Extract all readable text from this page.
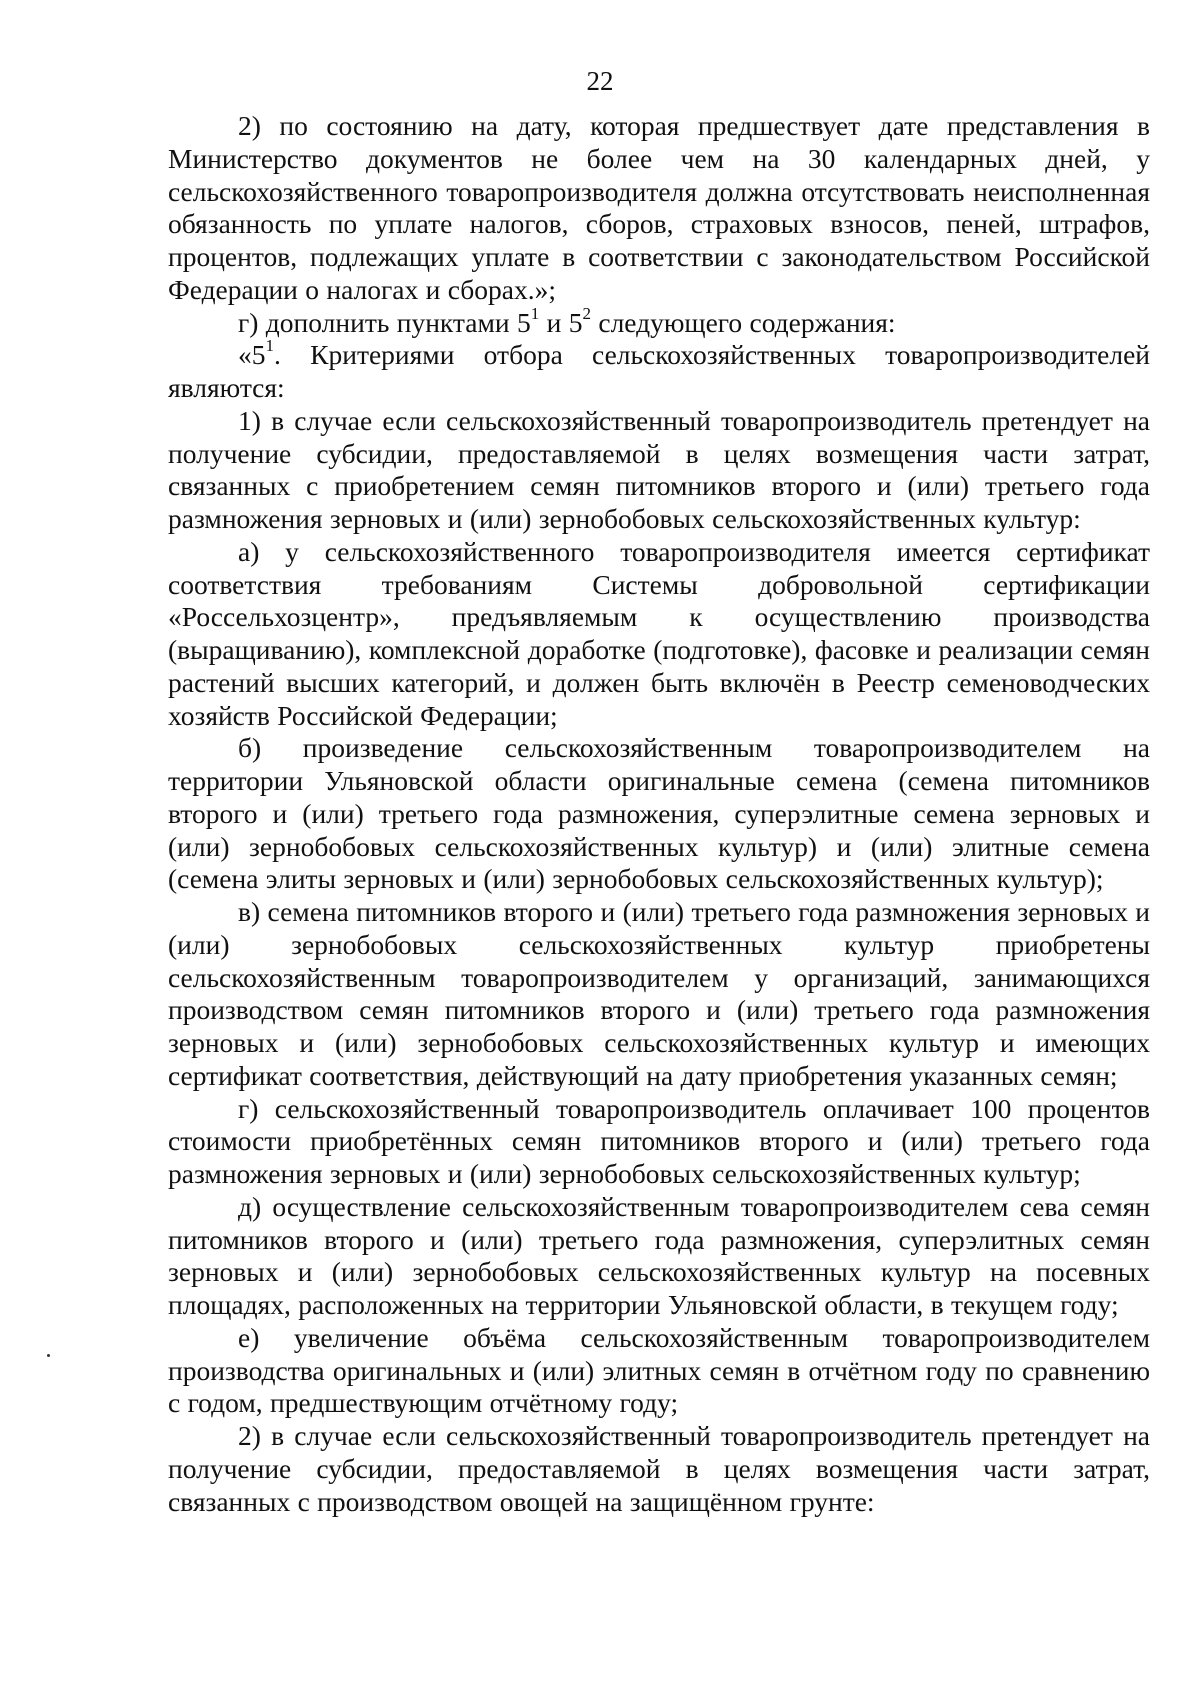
22

2) по состоянию на дату, которая предшествует дате представления в Министерство документов не более чем на 30 календарных дней, у сельскохозяйственного товаропроизводителя должна отсутствовать неисполненная обязанность по уплате налогов, сборов, страховых взносов, пеней, штрафов, процентов, подлежащих уплате в соответствии с законодательством Российской Федерации о налогах и сборах.»;

г) дополнить пунктами $5^1$ и $5^2$ следующего содержания:

«$5^1$. Критериями отбора сельскохозяйственных товаропроизводителей являются:

1) в случае если сельскохозяйственный товаропроизводитель претендует на получение субсидии, предоставляемой в целях возмещения части затрат, связанных с приобретением семян питомников второго и (или) третьего года размножения зерновых и (или) зернобобовых сельскохозяйственных культур:

а) у сельскохозяйственного товаропроизводителя имеется сертификат соответствия требованиям Системы добровольной сертификации «Россельхозцентр», предъявляемым к осуществлению производства (выращиванию), комплексной доработке (подготовке), фасовке и реализации семян растений высших категорий, и должен быть включён в Реестр семеноводческих хозяйств Российской Федерации;

б) произведение сельскохозяйственным товаропроизводителем на территории Ульяновской области оригинальные семена (семена питомников второго и (или) третьего года размножения, суперэлитные семена зерновых и (или) зернобобовых сельскохозяйственных культур) и (или) элитные семена (семена элиты зерновых и (или) зернобобовых сельскохозяйственных культур);

в) семена питомников второго и (или) третьего года размножения зерновых и (или) зернобобовых сельскохозяйственных культур приобретены сельскохозяйственным товаропроизводителем у организаций, занимающихся производством семян питомников второго и (или) третьего года размножения зерновых и (или) зернобобовых сельскохозяйственных культур и имеющих сертификат соответствия, действующий на дату приобретения указанных семян;

г) сельскохозяйственный товаропроизводитель оплачивает 100 процентов стоимости приобретённых семян питомников второго и (или) третьего года размножения зерновых и (или) зернобобовых сельскохозяйственных культур;

д) осуществление сельскохозяйственным товаропроизводителем сева семян питомников второго и (или) третьего года размножения, суперэлитных семян зерновых и (или) зернобобовых сельскохозяйственных культур на посевных площадях, расположенных на территории Ульяновской области, в текущем году;

е) увеличение объёма сельскохозяйственным товаропроизводителем производства оригинальных и (или) элитных семян в отчётном году по сравнению с годом, предшествующим отчётному году;

2) в случае если сельскохозяйственный товаропроизводитель претендует на получение субсидии, предоставляемой в целях возмещения части затрат, связанных с производством овощей на защищённом грунте:
